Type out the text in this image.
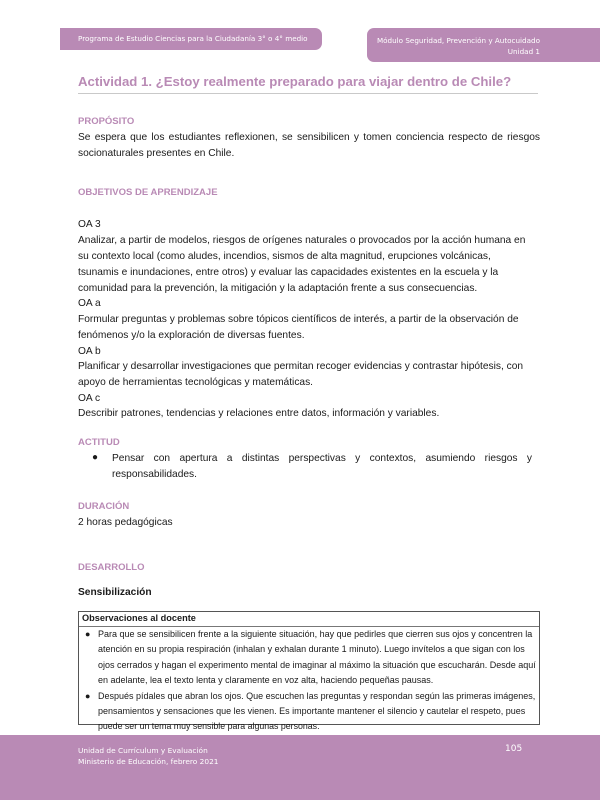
Programa de Estudio Ciencias para la Ciudadanía 3° o 4° medio	Módulo Seguridad, Prevención y Autocuidado
Unidad 1
Actividad 1. ¿Estoy realmente preparado para viajar dentro de Chile?
PROPÓSITO
Se espera que los estudiantes reflexionen, se sensibilicen y tomen conciencia respecto de riesgos
socionaturales presentes en Chile.
OBJETIVOS DE APRENDIZAJE
OA 3
Analizar, a partir de modelos, riesgos de orígenes naturales o provocados por la acción humana en
su contexto local (como aludes, incendios, sismos de alta magnitud, erupciones volcánicas,
tsunamis e inundaciones, entre otros) y evaluar las capacidades existentes en la escuela y la
comunidad para la prevención, la mitigación y la adaptación frente a sus consecuencias.
OA a
Formular preguntas y problemas sobre tópicos científicos de interés, a partir de la observación de
fenómenos y/o la exploración de diversas fuentes.
OA b
Planificar y desarrollar investigaciones que permitan recoger evidencias y contrastar hipótesis, con
apoyo de herramientas tecnológicas y matemáticas.
OA c
Describir patrones, tendencias y relaciones entre datos, información y variables.
ACTITUD
● Pensar con apertura a distintas perspectivas y contextos, asumiendo riesgos y
responsabilidades.
DURACIÓN
2 horas pedagógicas
DESARROLLO
Sensibilización
Observaciones al docente
● Para que se sensibilicen frente a la siguiente situación, hay que pedirles que cierren sus ojos y concentren la
atención en su propia respiración (inhalan y exhalan durante 1 minuto). Luego invítelos a que sigan con los
ojos cerrados y hagan el experimento mental de imaginar al máximo la situación que escucharán. Desde aquí
en adelante, lea el texto lenta y claramente en voz alta, haciendo pequeñas pausas.
● Después pídales que abran los ojos. Que escuchen las preguntas y respondan según las primeras imágenes,
pensamientos y sensaciones que les vienen. Es importante mantener el silencio y cautelar el respeto, pues
puede ser un tema muy sensible para algunas personas.
Unidad de Currículum y Evaluación
Ministerio de Educación, febrero 2021
105
